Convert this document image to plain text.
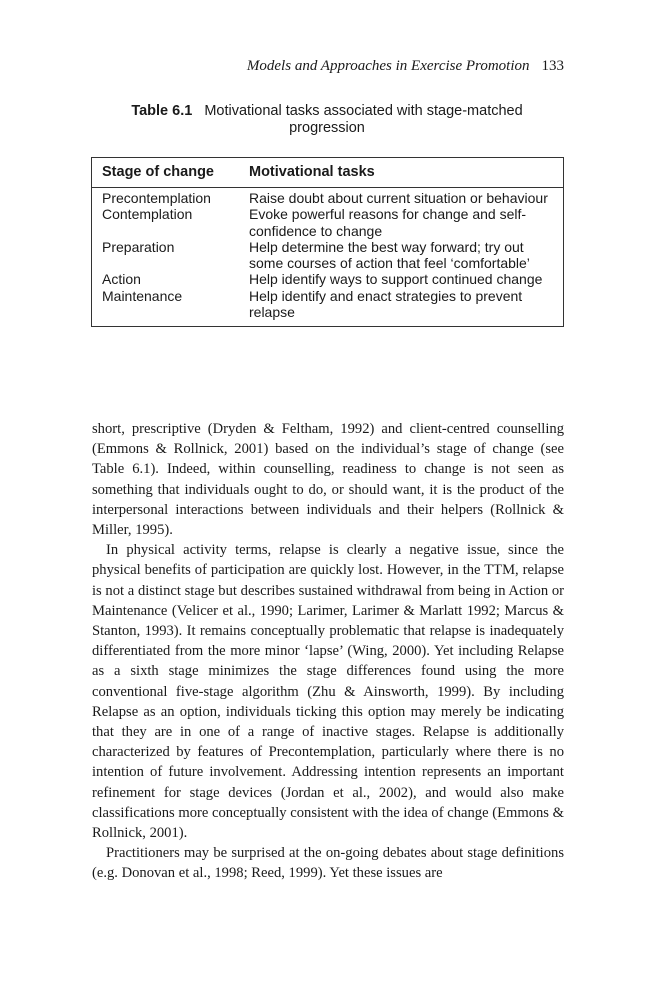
Models and Approaches in Exercise Promotion 133
Table 6.1 Motivational tasks associated with stage-matched progression
Stage of change	Motivational tasks
Precontemplation	Raise doubt about current situation or behaviour
Contemplation	Evoke powerful reasons for change and self-confidence to change
Preparation	Help determine the best way forward; try out some courses of action that feel ‘comfortable’
Action	Help identify ways to support continued change
Maintenance	Help identify and enact strategies to prevent relapse

short, prescriptive (Dryden & Feltham, 1992) and client-centred counselling (Emmons & Rollnick, 2001) based on the individual’s stage of change (see Table 6.1). Indeed, within counselling, readiness to change is not seen as something that individuals ought to do, or should want, it is the product of the interpersonal interactions between individuals and their helpers (Rollnick & Miller, 1995).

In physical activity terms, relapse is clearly a negative issue, since the physical benefits of participation are quickly lost. However, in the TTM, relapse is not a distinct stage but describes sustained withdrawal from being in Action or Maintenance (Velicer et al., 1990; Larimer, Larimer & Marlatt 1992; Marcus & Stanton, 1993). It remains conceptually problematic that relapse is inadequately differentiated from the more minor ‘lapse’ (Wing, 2000). Yet including Relapse as a sixth stage minimizes the stage differences found using the more conventional five-stage algorithm (Zhu & Ainsworth, 1999). By including Relapse as an option, individuals ticking this option may merely be indicating that they are in one of a range of inactive stages. Relapse is additionally characterized by features of Precontemplation, particularly where there is no intention of future involvement. Addressing intention represents an important refinement for stage devices (Jordan et al., 2002), and would also make classifications more conceptually consistent with the idea of change (Emmons & Rollnick, 2001).

Practitioners may be surprised at the on-going debates about stage definitions (e.g. Donovan et al., 1998; Reed, 1999). Yet these issues are
